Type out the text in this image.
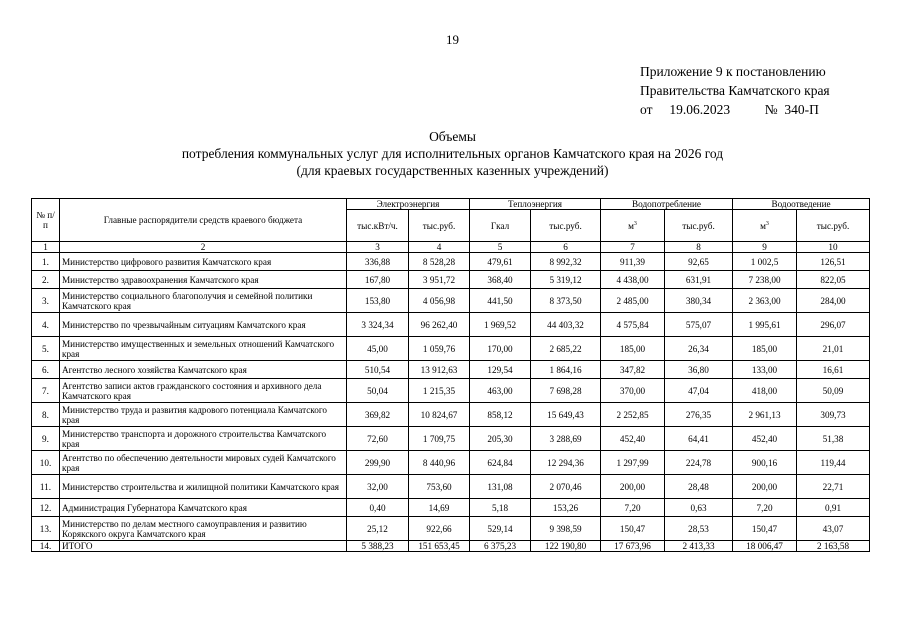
19
Приложение 9 к постановлению
Правительства Камчатского края
от 19.06.2023	№  340-П
Объемы
потребления коммунальных услуг для исполнительных органов Камчатского края на 2026 год
(для краевых государственных казенных учреждений)
№ п/п	Главные распорядители средств краевого бюджета	Электроэнергия		Теплоэнергия		Водопотребление		Водоотведение	
		тыс.кВт/ч.	тыс.руб.	Гкал	тыс.руб.	$м^3$	тыс.руб.	$м^3$	тыс.руб.
1	2	3	4	5	6	7	8	9	10
1.	Министерство цифрового развития Камчатского края	336,88	8 528,28	479,61	8 992,32	911,39	92,65	1 002,5	126,51
2.	Министерство здравоохранения Камчатского края	167,80	3 951,72	368,40	5 319,12	4 438,00	631,91	7 238,00	822,05
3.	Министерство социального благополучия и семейной политики Камчатского края	153,80	4 056,98	441,50	8 373,50	2 485,00	380,34	2 363,00	284,00
4.	Министерство по чрезвычайным ситуациям Камчатского края	3 324,34	96 262,40	1 969,52	44 403,32	4 575,84	575,07	1 995,61	296,07
5.	Министерство имущественных и земельных отношений Камчатского края	45,00	1 059,76	170,00	2 685,22	185,00	26,34	185,00	21,01
6.	Агентство лесного хозяйства Камчатского края	510,54	13 912,63	129,54	1 864,16	347,82	36,80	133,00	16,61
7.	Агентство записи актов гражданского состояния и архивного дела Камчатского края	50,04	1 215,35	463,00	7 698,28	370,00	47,04	418,00	50,09
8.	Министерство труда и развития кадрового потенциала Камчатского края	369,82	10 824,67	858,12	15 649,43	2 252,85	276,35	2 961,13	309,73
9.	Министерство транспорта и дорожного строительства Камчатского края	72,60	1 709,75	205,30	3 288,69	452,40	64,41	452,40	51,38
10.	Агентство по обеспечению деятельности мировых судей Камчатского края	299,90	8 440,96	624,84	12 294,36	1 297,99	224,78	900,16	119,44
11.	Министерство строительства и жилищной политики Камчатского края	32,00	753,60	131,08	2 070,46	200,00	28,48	200,00	22,71
12.	Администрация Губернатора Камчатского края	0,40	14,69	5,18	153,26	7,20	0,63	7,20	0,91
13.	Министерство по делам местного самоуправления и развитию Корякского округа Камчатского края	25,12	922,66	529,14	9 398,59	150,47	28,53	150,47	43,07
14.	ИТОГО	5 388,23	151 653,45	6 375,23	122 190,80	17 673,96	2 413,33	18 006,47	2 163,58
